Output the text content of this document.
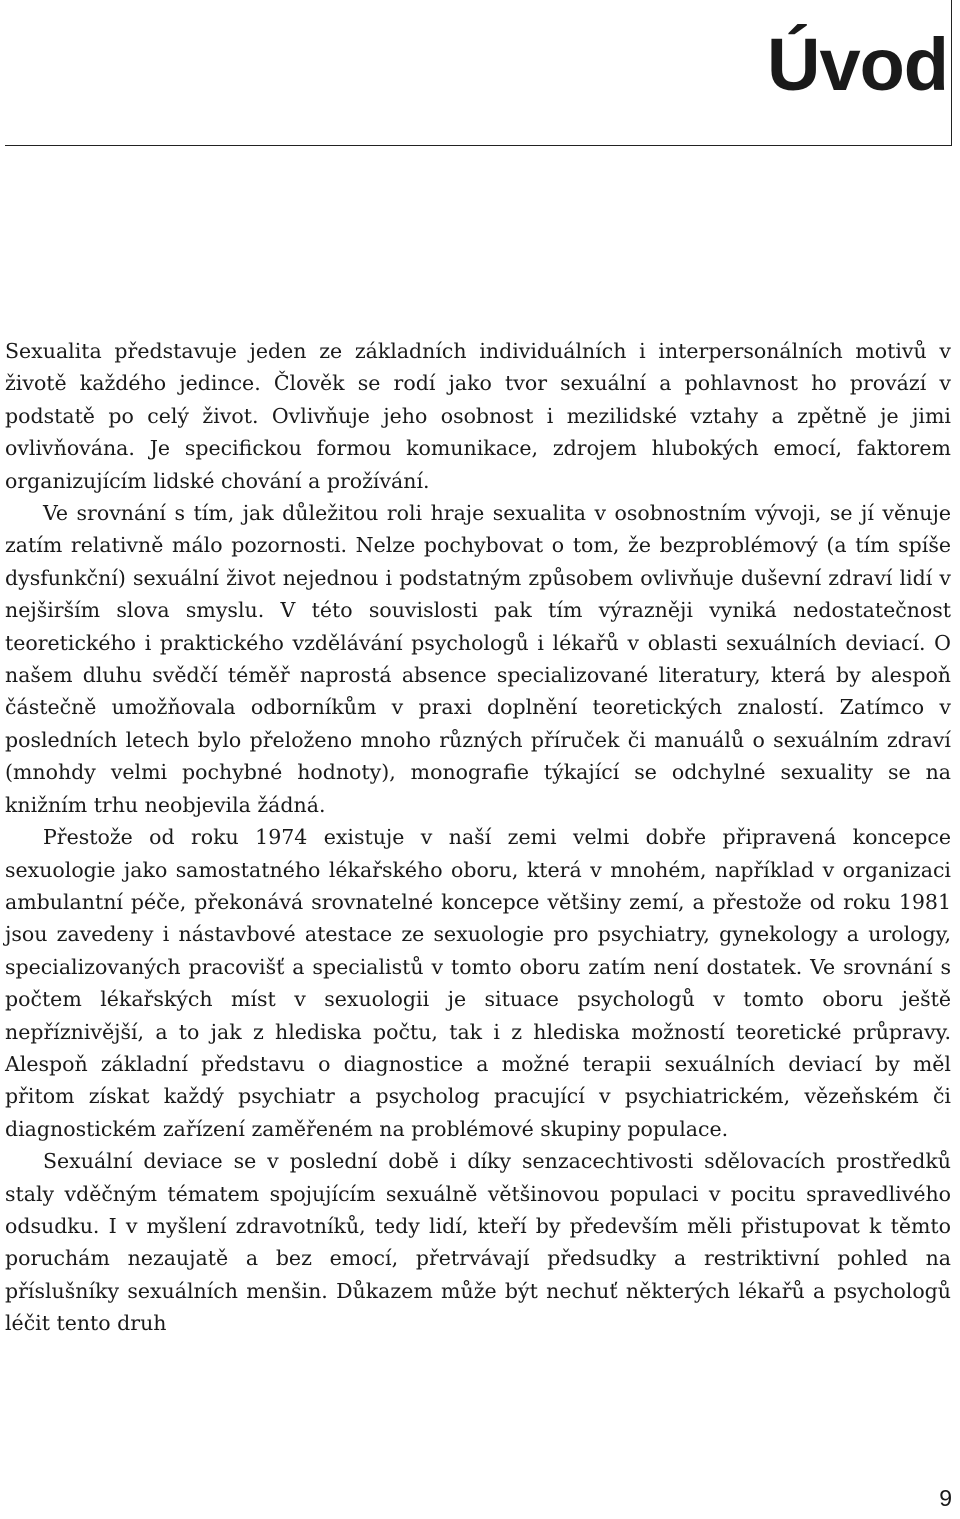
Úvod

Sexualita představuje jeden ze základních individuálních i interpersonálních motivů v životě každého jedince. Člověk se rodí jako tvor sexuální a pohlavnost ho provází v podstatě po celý život. Ovlivňuje jeho osobnost i mezilidské vztahy a zpětně je jimi ovlivňována. Je specifickou formou komunikace, zdrojem hlubokých emocí, faktorem organizujícím lidské chování a prožívání.

Ve srovnání s tím, jak důležitou roli hraje sexualita v osobnostním vývoji, se jí věnuje zatím relativně málo pozornosti. Nelze pochybovat o tom, že bezproblémový (a tím spíše dysfunkční) sexuální život nejednou i podstatným způsobem ovlivňuje duševní zdraví lidí v nejširším slova smyslu. V této souvislosti pak tím výrazněji vyniká nedostatečnost teoretického i praktického vzdělávání psychologů i lékařů v oblasti sexuálních deviací. O našem dluhu svědčí téměř naprostá absence specializované literatury, která by alespoň částečně umožňovala odborníkům v praxi doplnění teoretických znalostí. Zatímco v posledních letech bylo přeloženo mnoho různých příruček či manuálů o sexuálním zdraví (mnohdy velmi pochybné hodnoty), monografie týkající se odchylné sexuality se na knižním trhu neobjevila žádná.

Přestože od roku 1974 existuje v naší zemi velmi dobře připravená koncepce sexuologie jako samostatného lékařského oboru, která v mnohém, například v organizaci ambulantní péče, překonává srovnatelné koncepce většiny zemí, a přestože od roku 1981 jsou zavedeny i nástavbové atestace ze sexuologie pro psychiatry, gynekology a urology, specializovaných pracovišť a specialistů v tomto oboru zatím není dostatek. Ve srovnání s počtem lékařských míst v sexuologii je situace psychologů v tomto oboru ještě nepříznivější, a to jak z hlediska počtu, tak i z hlediska možností teoretické průpravy. Alespoň základní představu o diagnostice a možné terapii sexuálních deviací by měl přitom získat každý psychiatr a psycholog pracující v psychiatrickém, vězeňském či diagnostickém zařízení zaměřeném na problémové skupiny populace.

Sexuální deviace se v poslední době i díky senzacechtivosti sdělovacích prostředků staly vděčným tématem spojujícím sexuálně většinovou populaci v pocitu spravedlivého odsudku. I v myšlení zdravotníků, tedy lidí, kteří by především měli přistupovat k těmto poruchám nezaujatě a bez emocí, přetrvávají předsudky a restriktivní pohled na příslušníky sexuálních menšin. Důkazem může být nechuť některých lékařů a psychologů léčit tento druh

9
